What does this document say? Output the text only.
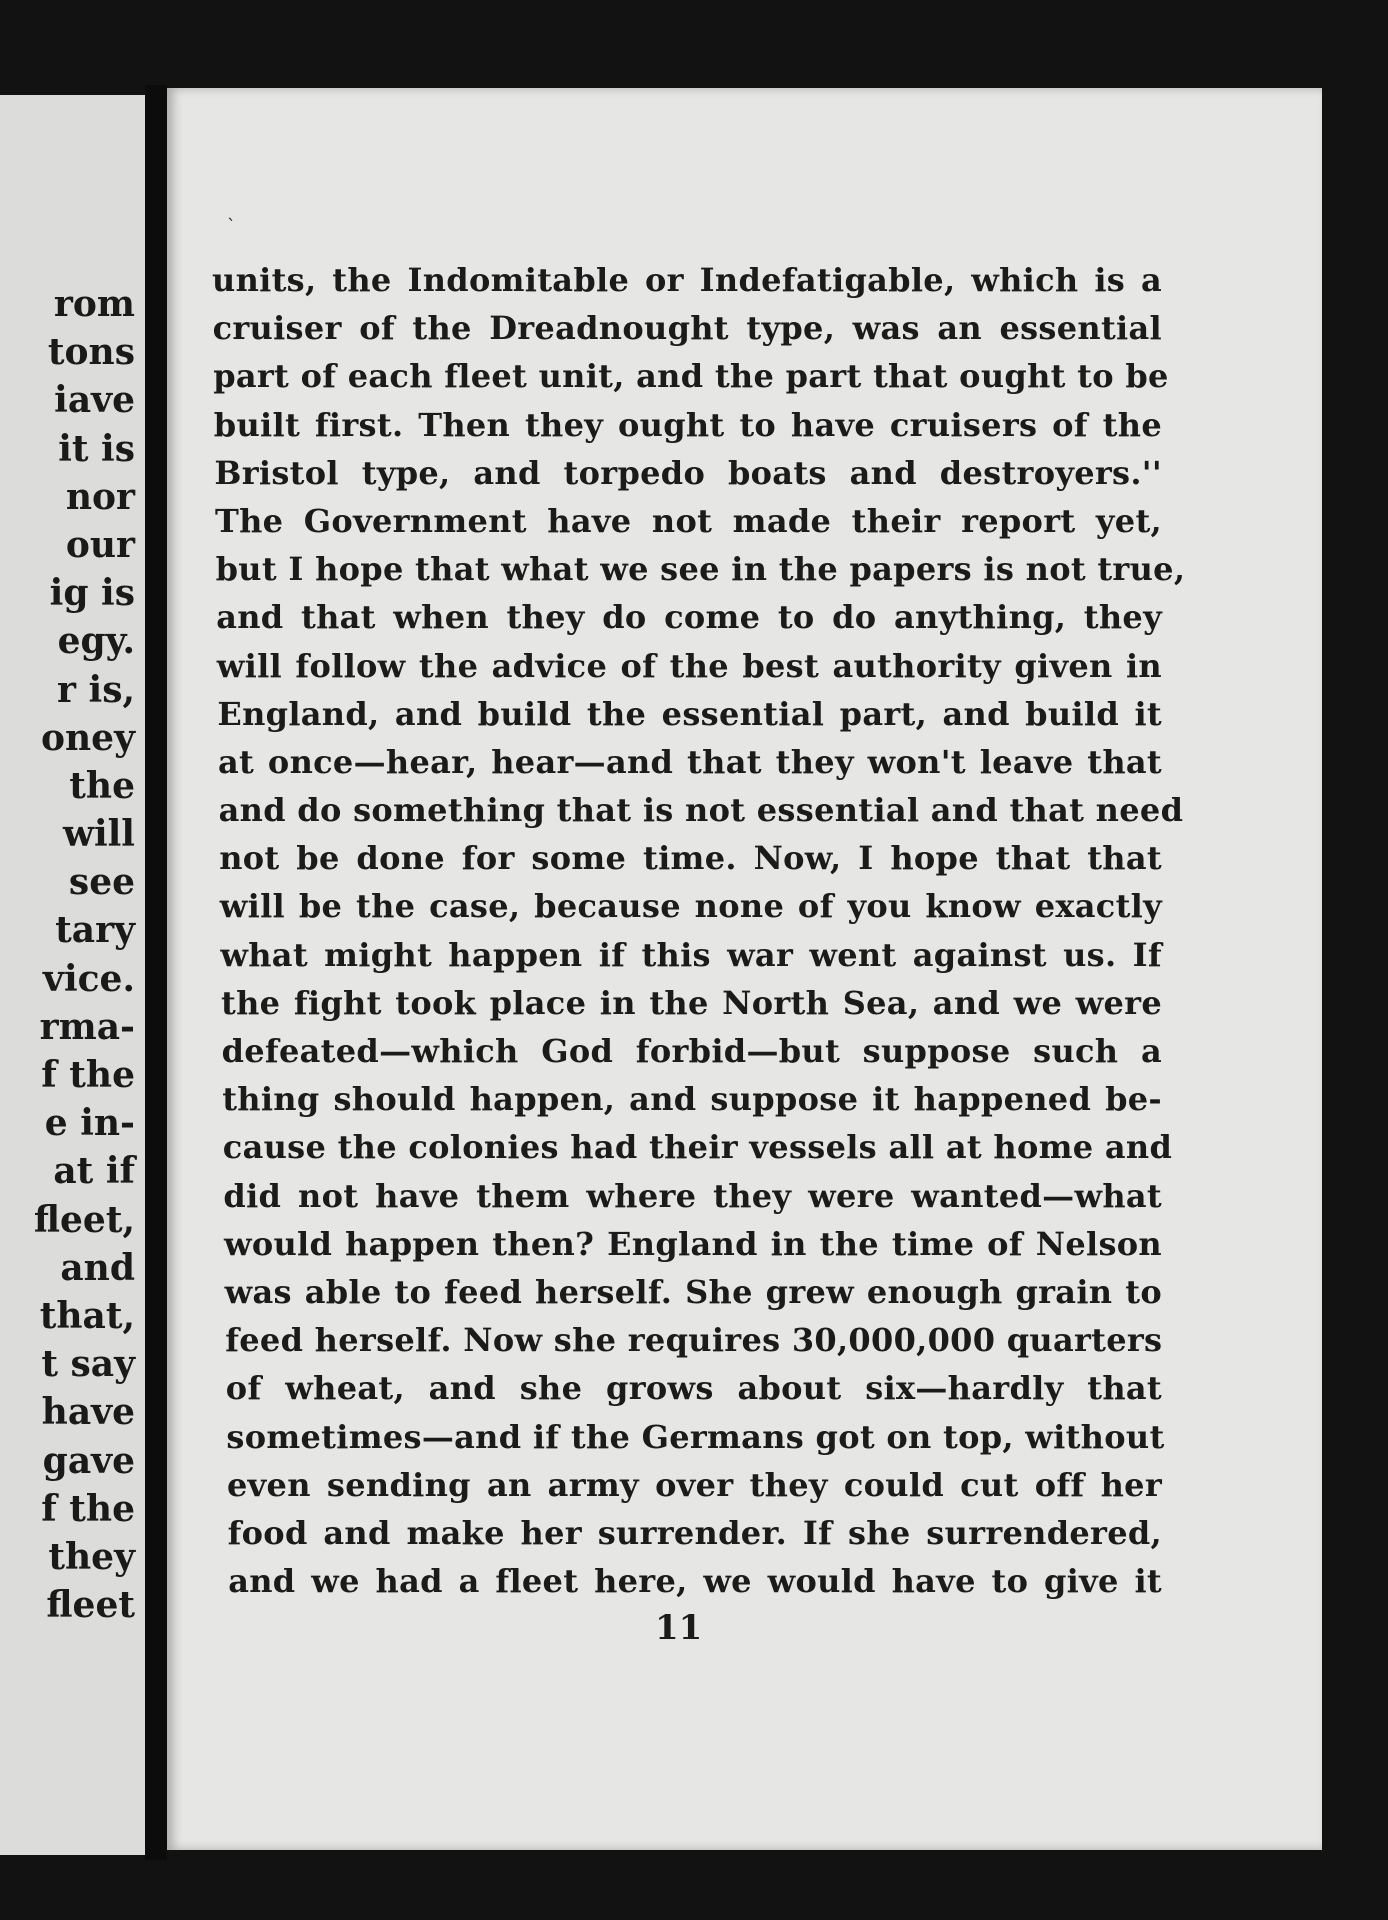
rom
tons
iave
it is
nor
our
ig is
egy.
r is,
oney
the
will
see
tary
vice.
rma-
f the
e in-
at if
fleet,
and
that,
t say
have
gave
f the
they
fleet
ˋ
units, the Indomitable or Indefatigable, which is a
cruiser of the Dreadnought type, was an essential
part of each fleet unit, and the part that ought to be
built first. Then they ought to have cruisers of the
Bristol type, and torpedo boats and destroyers.''
The Government have not made their report yet,
but I hope that what we see in the papers is not true,
and that when they do come to do anything, they
will follow the advice of the best authority given in
England, and build the essential part, and build it
at once—hear, hear—and that they won't leave that
and do something that is not essential and that need
not be done for some time. Now, I hope that that
will be the case, because none of you know exactly
what might happen if this war went against us. If
the fight took place in the North Sea, and we were
defeated—which God forbid—but suppose such a
thing should happen, and suppose it happened be-
cause the colonies had their vessels all at home and
did not have them where they were wanted—what
would happen then? England in the time of Nelson
was able to feed herself. She grew enough grain to
feed herself. Now she requires 30,000,000 quarters
of wheat, and she grows about six—hardly that
sometimes—and if the Germans got on top, without
even sending an army over they could cut off her
food and make her surrender. If she surrendered,
and we had a fleet here, we would have to give it
11
